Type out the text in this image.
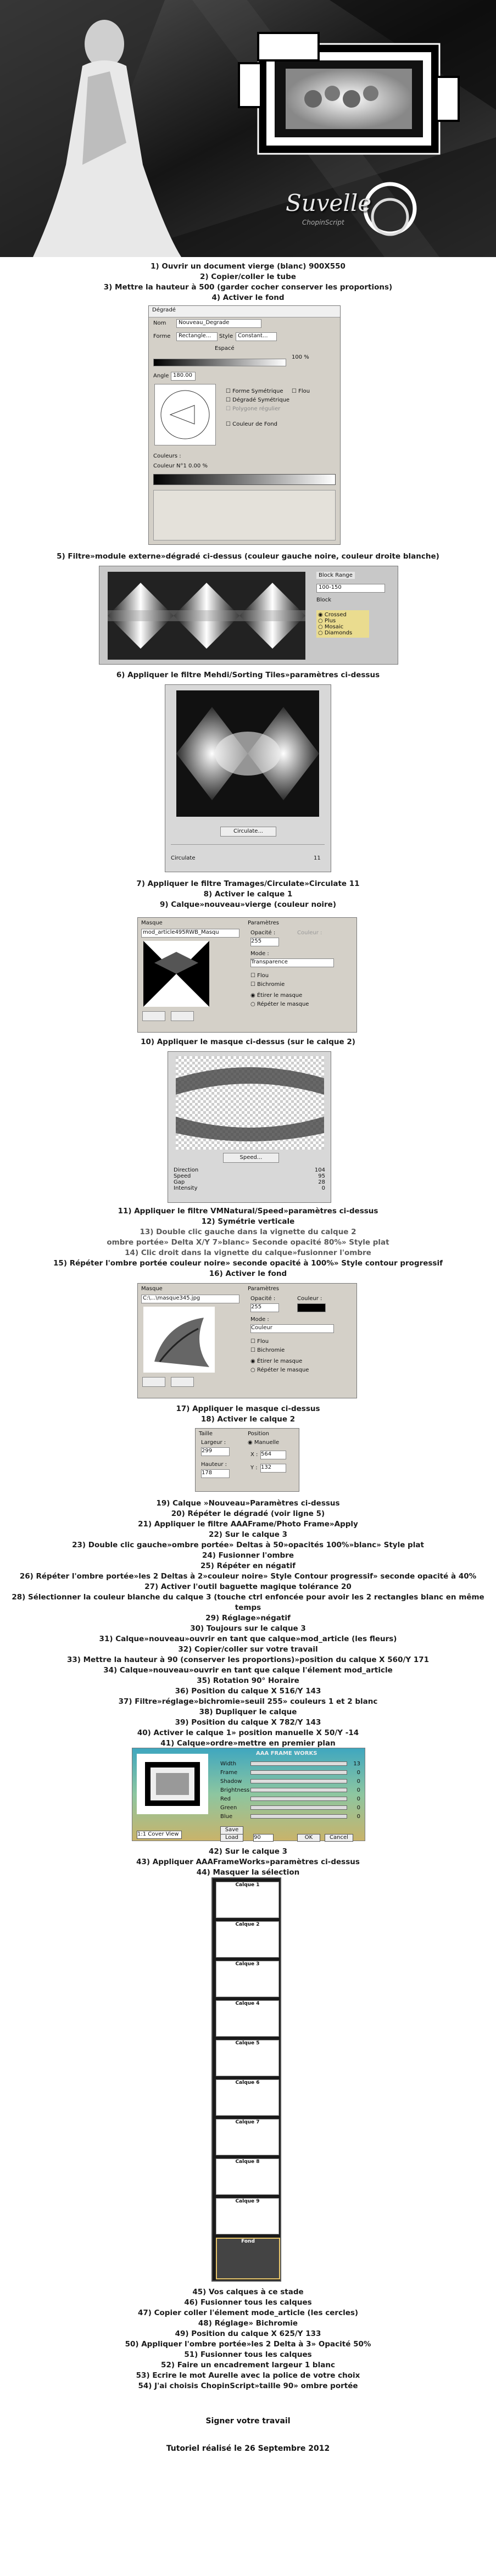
Suvelle
ChopinScript
1) Ouvrir un document vierge (blanc) 900X550
2) Copier/coller le tube
3) Mettre la hauteur à 500 (garder cocher conserver les proportions)
4) Activer le fond
Dégradé
Nom	Nouveau_Degrade
Forme	Rectangle...	Style Constant...
Espacé
100 %
Angle 180.00
☐ Forme Symétrique
☐ Dégradé Symétrique
☐ Polygone régulier
☐ Couleur de Fond
☐ Flou
Couleurs :
Couleur N°1 0.00 %
5) Filtre»module externe»dégradé ci-dessus (couleur gauche noire, couleur droite blanche)
Block Range
100-150
Block
◉ Crossed
○ Plus
○ Mosaic
○ Diamonds
6) Appliquer le filtre Mehdi/Sorting Tiles»paramètres ci-dessus
Circulate...
Circulate	11
7) Appliquer le filtre Tramages/Circulate»Circulate 11
8) Activer le calque 1
9) Calque»nouveau»vierge (couleur noire)
Masque
mod_article495RWB_Masqu
Paramètres
Opacité :
255
Couleur :
Mode :
Transparence
☐ Flou
☐ Bichromie
◉ Étirer le masque
○ Répéter le masque
10) Appliquer le masque ci-dessus (sur le calque 2)
Speed...
Direction	104
Speed	95
Gap	28
Intensity	0
11) Appliquer le filtre VMNatural/Speed»paramètres ci-dessus
12) Symétrie verticale
13) Double clic gauche dans la vignette du calque 2
ombre portée» Delta X/Y 7»blanc» Seconde opacité 80%» Style plat
14) Clic droit dans la vignette du calque»fusionner l'ombre
15) Répéter l'ombre portée couleur noire» seconde opacité à 100%» Style contour progressif
16) Activer le fond
Masque
C:\...\masque345.jpg
Paramètres
Opacité :
255
Couleur :
Mode :
Couleur
☐ Flou
☐ Bichromie
◉ Étirer le masque
○ Répéter le masque
17) Appliquer le masque ci-dessus
18) Activer le calque 2
Taille
Largeur :
299
Hauteur :
178
Position
◉ Manuelle
X : 564
Y : 132
19) Calque »Nouveau»Paramètres ci-dessus
20) Répéter le dégradé (voir ligne 5)
21) Appliquer le filtre AAAFrame/Photo Frame»Apply
22) Sur le calque 3
23) Double clic gauche»ombre portée» Deltas à 50»opacités 100%»blanc» Style plat
24) Fusionner l'ombre
25) Répéter en négatif
26) Répéter l'ombre portée»les 2 Deltas à 2»couleur noire» Style Contour progressif» seconde opacité à 40%
27) Activer l'outil baguette magique tolérance 20
28) Sélectionner la couleur blanche du calque 3 (touche ctrl enfoncée pour avoir les 2 rectangles blanc en même temps
29) Réglage»négatif
30) Toujours sur le calque 3
31) Calque»nouveau»ouvrir en tant que calque»mod_article (les fleurs)
32) Copier/coller sur votre travail
33) Mettre la hauteur à 90 (conserver les proportions)»position du calque X 560/Y 171
34) Calque»nouveau»ouvrir en tant que calque l'élement mod_article
35) Rotation 90° Horaire
36) Position du calque X 516/Y 143
37) Filtre»réglage»bichromie»seuil 255» couleurs 1 et 2 blanc
38) Dupliquer le calque
39) Position du calque X 782/Y 143
40) Activer le calque 1» position manuelle X 50/Y -14
41) Calque»ordre»mettre en premier plan
AAA FRAME WORKS
Width	13
Frame	0
Shadow	0
Brightness	0
Red	0
Green	0
Blue	0
Save
Load
1:1 Cover View
90	OK	Cancel
42) Sur le calque 3
43) Appliquer AAAFrameWorks»paramètres ci-dessus
44) Masquer la sélection
Calque 1
Calque 2
Calque 3
Calque 4
Calque 5
Calque 6
Calque 7
Calque 8
Calque 9
Fond
45) Vos calques à ce stade
46) Fusionner tous les calques
47) Copier coller l'élement mode_article (les cercles)
48) Réglage» Bichromie
49) Position du calque X 625/Y 133
50) Appliquer l'ombre portée»les 2 Delta à 3» Opacité 50%
51) Fusionner tous les calques
52) Faire un encadrement largeur 1 blanc
53) Ecrire le mot Aurelle avec la police de votre choix
54) J'ai choisis ChopinScript»taille 90» ombre portée
Signer votre travail
Tutoriel réalisé le 26 Septembre 2012
